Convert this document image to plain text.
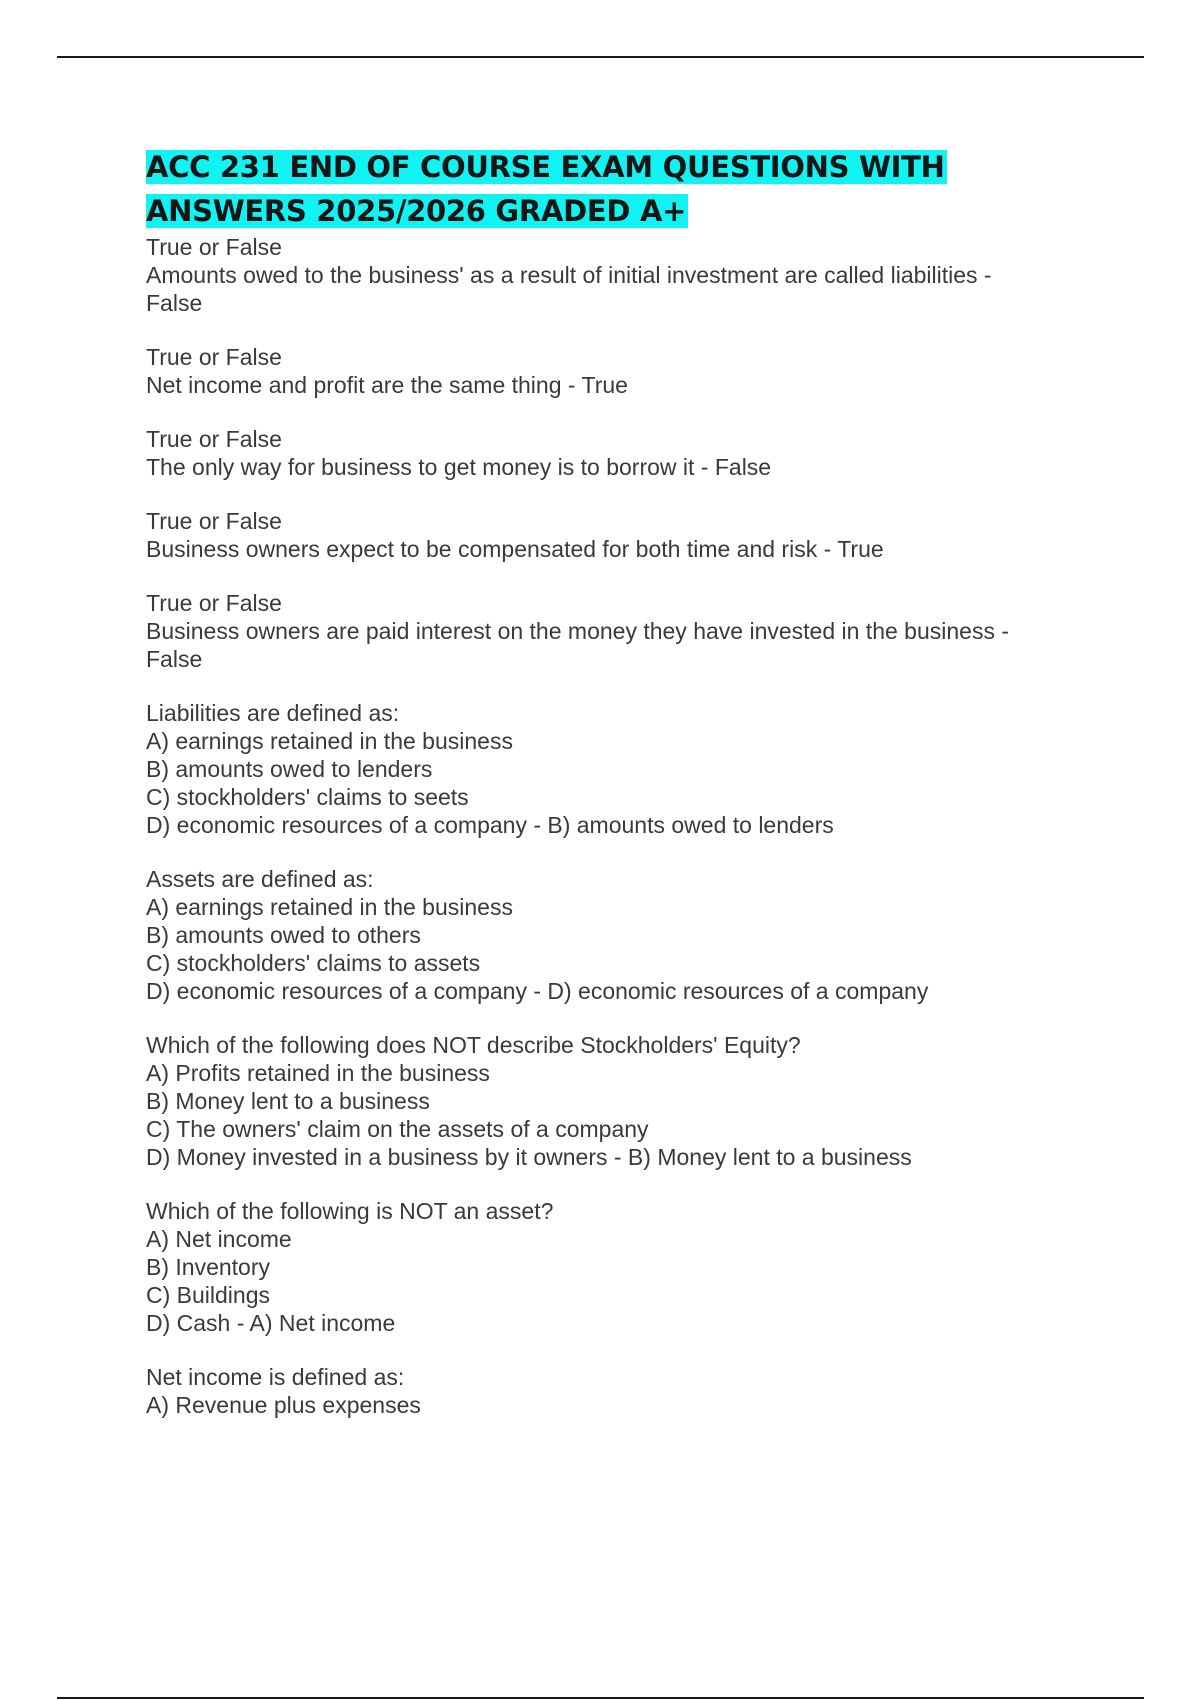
ACC 231 END OF COURSE EXAM QUESTIONS WITH
ANSWERS 2025/2026 GRADED A+

True or False

Amounts owed to the business' as a result of initial investment are called liabilities -

False

True or False

Net income and profit are the same thing - True

True or False

The only way for business to get money is to borrow it - False

True or False

Business owners expect to be compensated for both time and risk - True

True or False

Business owners are paid interest on the money they have invested in the business -

False

Liabilities are defined as:

A) earnings retained in the business

B) amounts owed to lenders

C) stockholders' claims to seets

D) economic resources of a company - B) amounts owed to lenders

Assets are defined as:

A) earnings retained in the business

B) amounts owed to others

C) stockholders' claims to assets

D) economic resources of a company - D) economic resources of a company

Which of the following does NOT describe Stockholders' Equity?

A) Profits retained in the business

B) Money lent to a business

C) The owners' claim on the assets of a company

D) Money invested in a business by it owners - B) Money lent to a business

Which of the following is NOT an asset?

A) Net income

B) Inventory

C) Buildings

D) Cash - A) Net income

Net income is defined as:

A) Revenue plus expenses
